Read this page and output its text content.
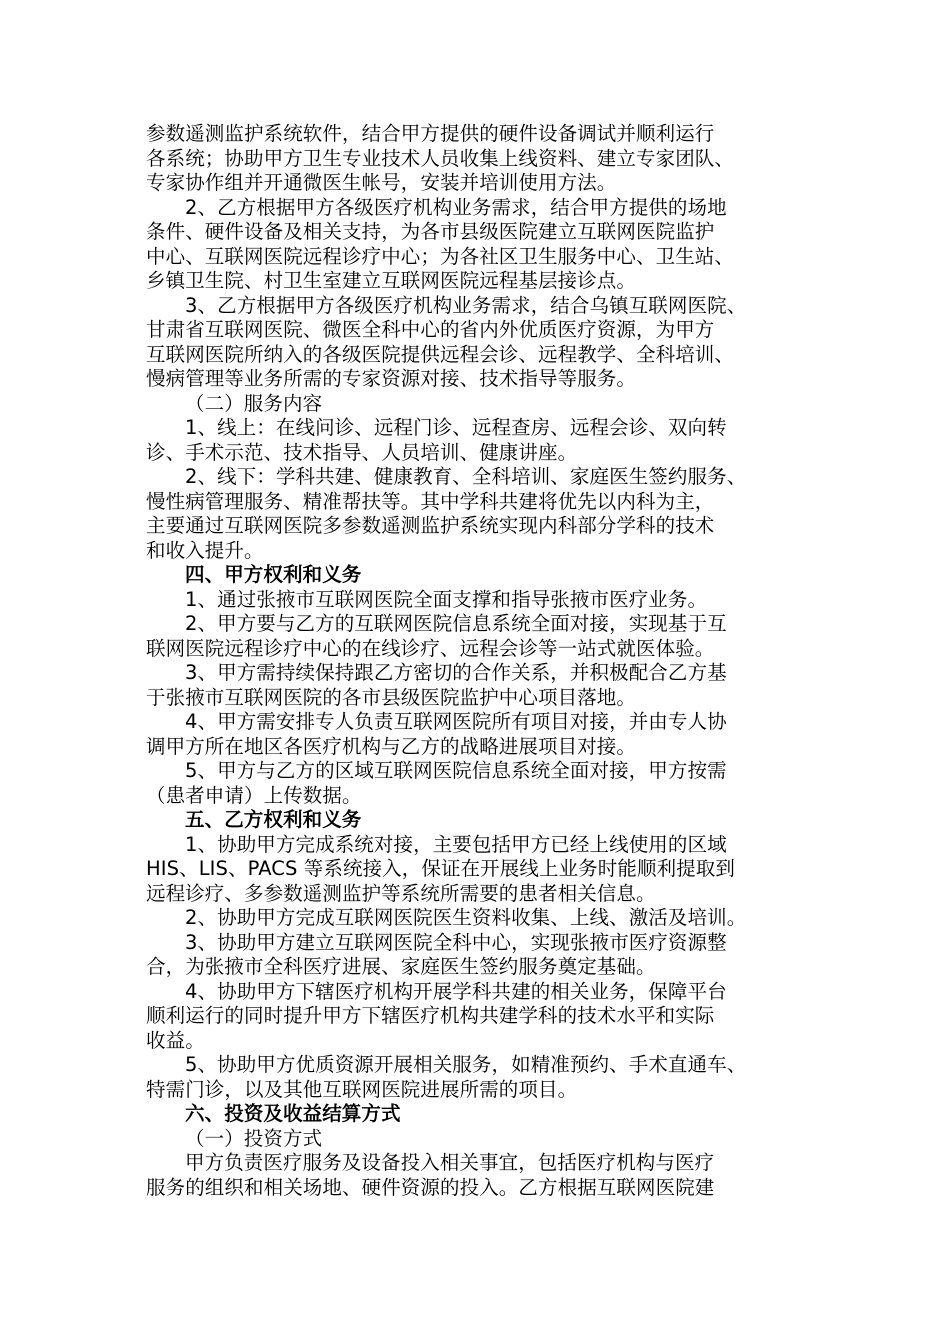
参数遥测监护系统软件，结合甲方提供的硬件设备调试并顺利运行
各系统；协助甲方卫生专业技术人员收集上线资料、建立专家团队、
专家协作组并开通微医生帐号，安装并培训使用方法。
2、乙方根据甲方各级医疗机构业务需求，结合甲方提供的场地
条件、硬件设备及相关支持，为各市县级医院建立互联网医院监护
中心、互联网医院远程诊疗中心；为各社区卫生服务中心、卫生站、
乡镇卫生院、村卫生室建立互联网医院远程基层接诊点。
3、乙方根据甲方各级医疗机构业务需求，结合乌镇互联网医院、
甘肃省互联网医院、微医全科中心的省内外优质医疗资源，为甲方
互联网医院所纳入的各级医院提供远程会诊、远程教学、全科培训、
慢病管理等业务所需的专家资源对接、技术指导等服务。
（二）服务内容
1、线上：在线问诊、远程门诊、远程查房、远程会诊、双向转
诊、手术示范、技术指导、人员培训、健康讲座。
2、线下：学科共建、健康教育、全科培训、家庭医生签约服务、
慢性病管理服务、精准帮扶等。其中学科共建将优先以内科为主，
主要通过互联网医院多参数遥测监护系统实现内科部分学科的技术
和收入提升。
四、甲方权利和义务
1、通过张掖市互联网医院全面支撑和指导张掖市医疗业务。
2、甲方要与乙方的互联网医院信息系统全面对接，实现基于互
联网医院远程诊疗中心的在线诊疗、远程会诊等一站式就医体验。
3、甲方需持续保持跟乙方密切的合作关系，并积极配合乙方基
于张掖市互联网医院的各市县级医院监护中心项目落地。
4、甲方需安排专人负责互联网医院所有项目对接，并由专人协
调甲方所在地区各医疗机构与乙方的战略进展项目对接。
5、甲方与乙方的区域互联网医院信息系统全面对接，甲方按需
（患者申请）上传数据。
五、乙方权利和义务
1、协助甲方完成系统对接，主要包括甲方已经上线使用的区域
HIS、LIS、PACS 等系统接入，保证在开展线上业务时能顺利提取到
远程诊疗、多参数遥测监护等系统所需要的患者相关信息。
2、协助甲方完成互联网医院医生资料收集、上线、激活及培训。
3、协助甲方建立互联网医院全科中心，实现张掖市医疗资源整
合，为张掖市全科医疗进展、家庭医生签约服务奠定基础。
4、协助甲方下辖医疗机构开展学科共建的相关业务，保障平台
顺利运行的同时提升甲方下辖医疗机构共建学科的技术水平和实际
收益。
5、协助甲方优质资源开展相关服务，如精准预约、手术直通车、
特需门诊，以及其他互联网医院进展所需的项目。
六、投资及收益结算方式
（一）投资方式
甲方负责医疗服务及设备投入相关事宜，包括医疗机构与医疗
服务的组织和相关场地、硬件资源的投入。乙方根据互联网医院建
